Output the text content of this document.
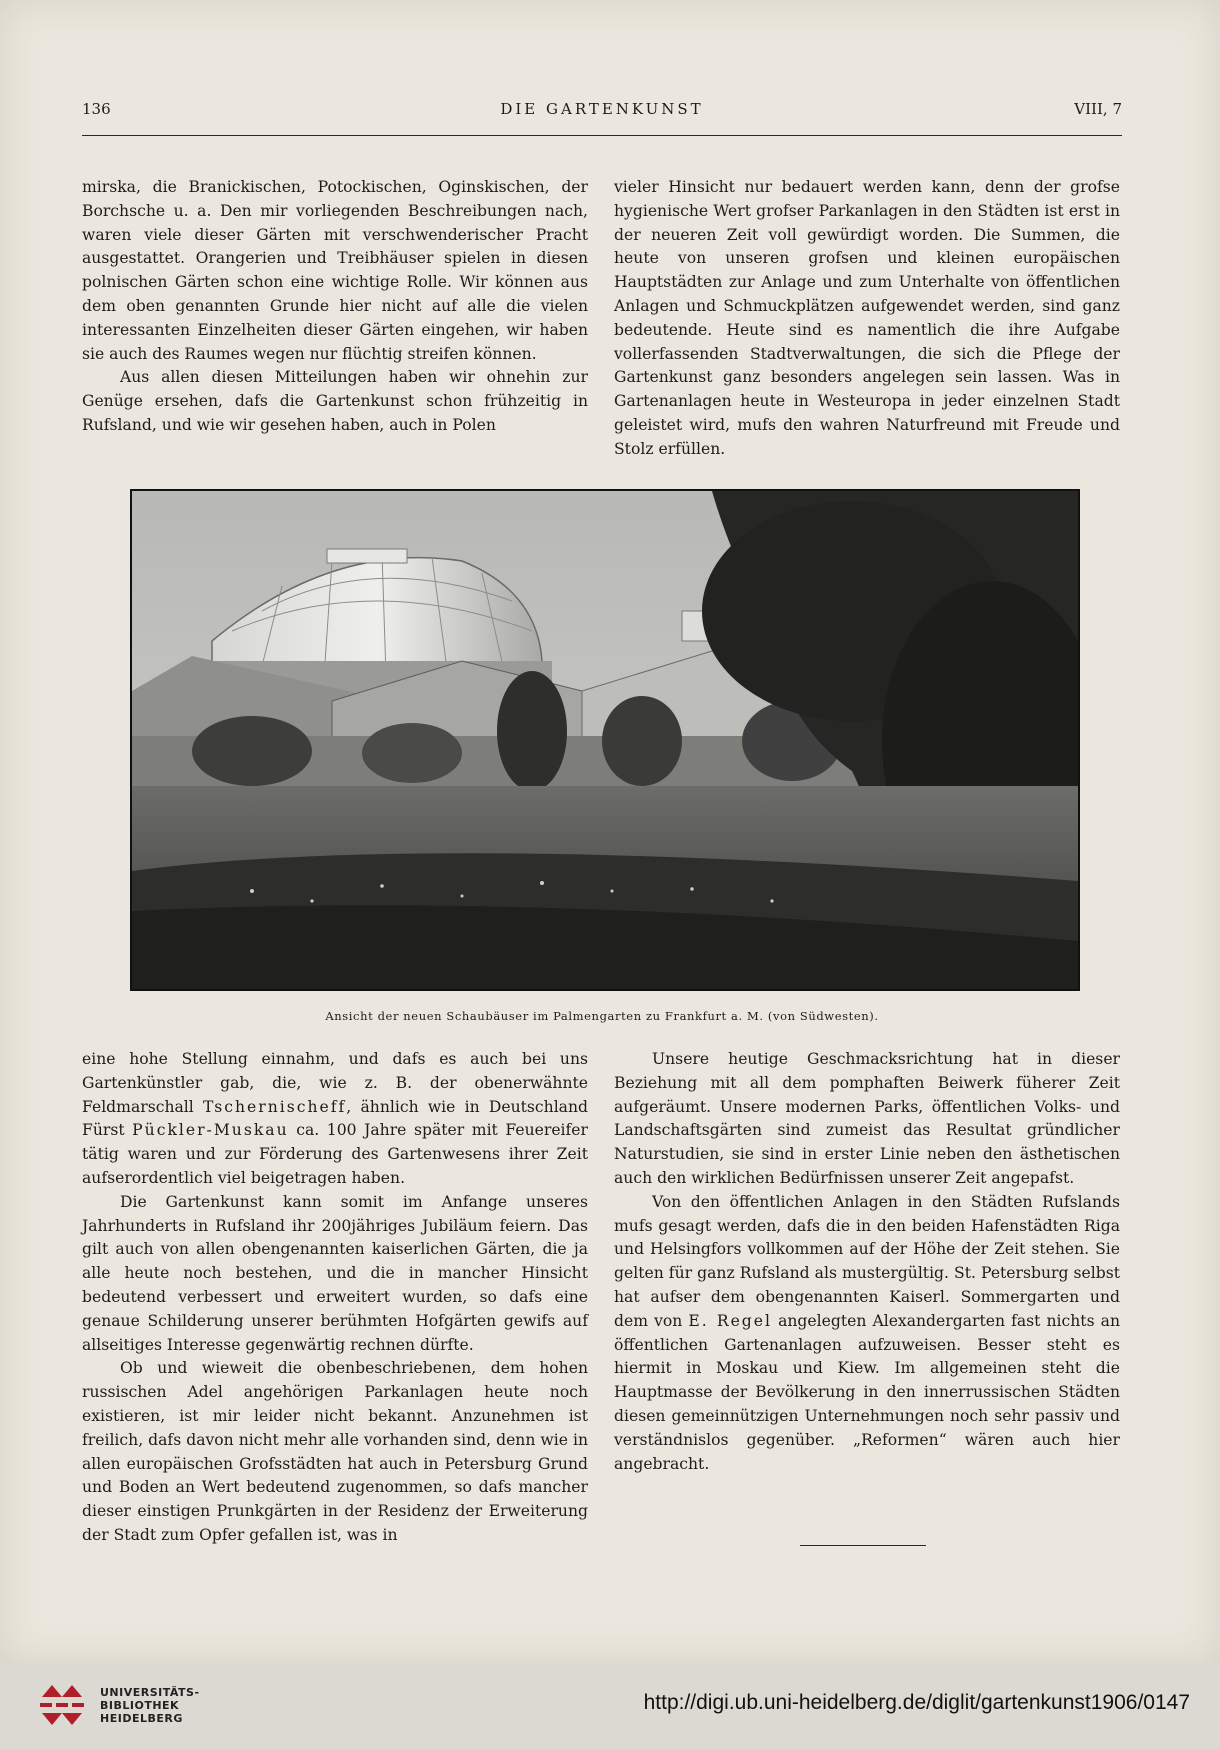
136	DIE GARTENKUNST	VIII, 7

mirska, die Branickischen, Potockischen, Oginskischen, der Borchsche u. a. Den mir vorliegenden Beschreibungen nach, waren viele dieser Gärten mit verschwenderischer Pracht ausgestattet. Orangerien und Treibhäuser spielen in diesen polnischen Gärten schon eine wichtige Rolle. Wir können aus dem oben genannten Grunde hier nicht auf alle die vielen interessanten Einzelheiten dieser Gärten eingehen, wir haben sie auch des Raumes wegen nur flüchtig streifen können.

Aus allen diesen Mitteilungen haben wir ohnehin zur Genüge ersehen, dafs die Gartenkunst schon frühzeitig in Rufsland, und wie wir gesehen haben, auch in Polen

vieler Hinsicht nur bedauert werden kann, denn der grofse hygienische Wert grofser Parkanlagen in den Städten ist erst in der neueren Zeit voll gewürdigt worden. Die Summen, die heute von unseren grofsen und kleinen europäischen Hauptstädten zur Anlage und zum Unterhalte von öffentlichen Anlagen und Schmuckplätzen aufgewendet werden, sind ganz bedeutende. Heute sind es namentlich die ihre Aufgabe vollerfassenden Stadtverwaltungen, die sich die Pflege der Gartenkunst ganz besonders angelegen sein lassen. Was in Gartenanlagen heute in Westeuropa in jeder einzelnen Stadt geleistet wird, mufs den wahren Naturfreund mit Freude und Stolz erfüllen.

Ansicht der neuen Schaubäuser im Palmengarten zu Frankfurt a. M. (von Südwesten).

eine hohe Stellung einnahm, und dafs es auch bei uns Gartenkünstler gab, die, wie z. B. der obenerwähnte Feldmarschall Tschernischeff, ähnlich wie in Deutschland Fürst Pückler-Muskau ca. 100 Jahre später mit Feuereifer tätig waren und zur Förderung des Gartenwesens ihrer Zeit aufserordentlich viel beigetragen haben.

Die Gartenkunst kann somit im Anfange unseres Jahrhunderts in Rufsland ihr 200jähriges Jubiläum feiern. Das gilt auch von allen obengenannten kaiserlichen Gärten, die ja alle heute noch bestehen, und die in mancher Hinsicht bedeutend verbessert und erweitert wurden, so dafs eine genaue Schilderung unserer berühmten Hofgärten gewifs auf allseitiges Interesse gegenwärtig rechnen dürfte.

Ob und wieweit die obenbeschriebenen, dem hohen russischen Adel angehörigen Parkanlagen heute noch existieren, ist mir leider nicht bekannt. Anzunehmen ist freilich, dafs davon nicht mehr alle vorhanden sind, denn wie in allen europäischen Grofsstädten hat auch in Petersburg Grund und Boden an Wert bedeutend zugenommen, so dafs mancher dieser einstigen Prunkgärten in der Residenz der Erweiterung der Stadt zum Opfer gefallen ist, was in

Unsere heutige Geschmacksrichtung hat in dieser Beziehung mit all dem pomphaften Beiwerk füherer Zeit aufgeräumt. Unsere modernen Parks, öffentlichen Volks- und Landschaftsgärten sind zumeist das Resultat gründlicher Naturstudien, sie sind in erster Linie neben den ästhetischen auch den wirklichen Bedürfnissen unserer Zeit angepafst.

Von den öffentlichen Anlagen in den Städten Rufslands mufs gesagt werden, dafs die in den beiden Hafenstädten Riga und Helsingfors vollkommen auf der Höhe der Zeit stehen. Sie gelten für ganz Rufsland als mustergültig. St. Petersburg selbst hat aufser dem obengenannten Kaiserl. Sommergarten und dem von E. Regel angelegten Alexandergarten fast nichts an öffentlichen Gartenanlagen aufzuweisen. Besser steht es hiermit in Moskau und Kiew. Im allgemeinen steht die Hauptmasse der Bevölkerung in den innerrussischen Städten diesen gemeinnützigen Unternehmungen noch sehr passiv und verständnislos gegenüber. „Reformen“ wären auch hier angebracht.

UNIVERSITÄTS-
BIBLIOTHEK
HEIDELBERG
http://digi.ub.uni-heidelberg.de/diglit/gartenkunst1906/0147
